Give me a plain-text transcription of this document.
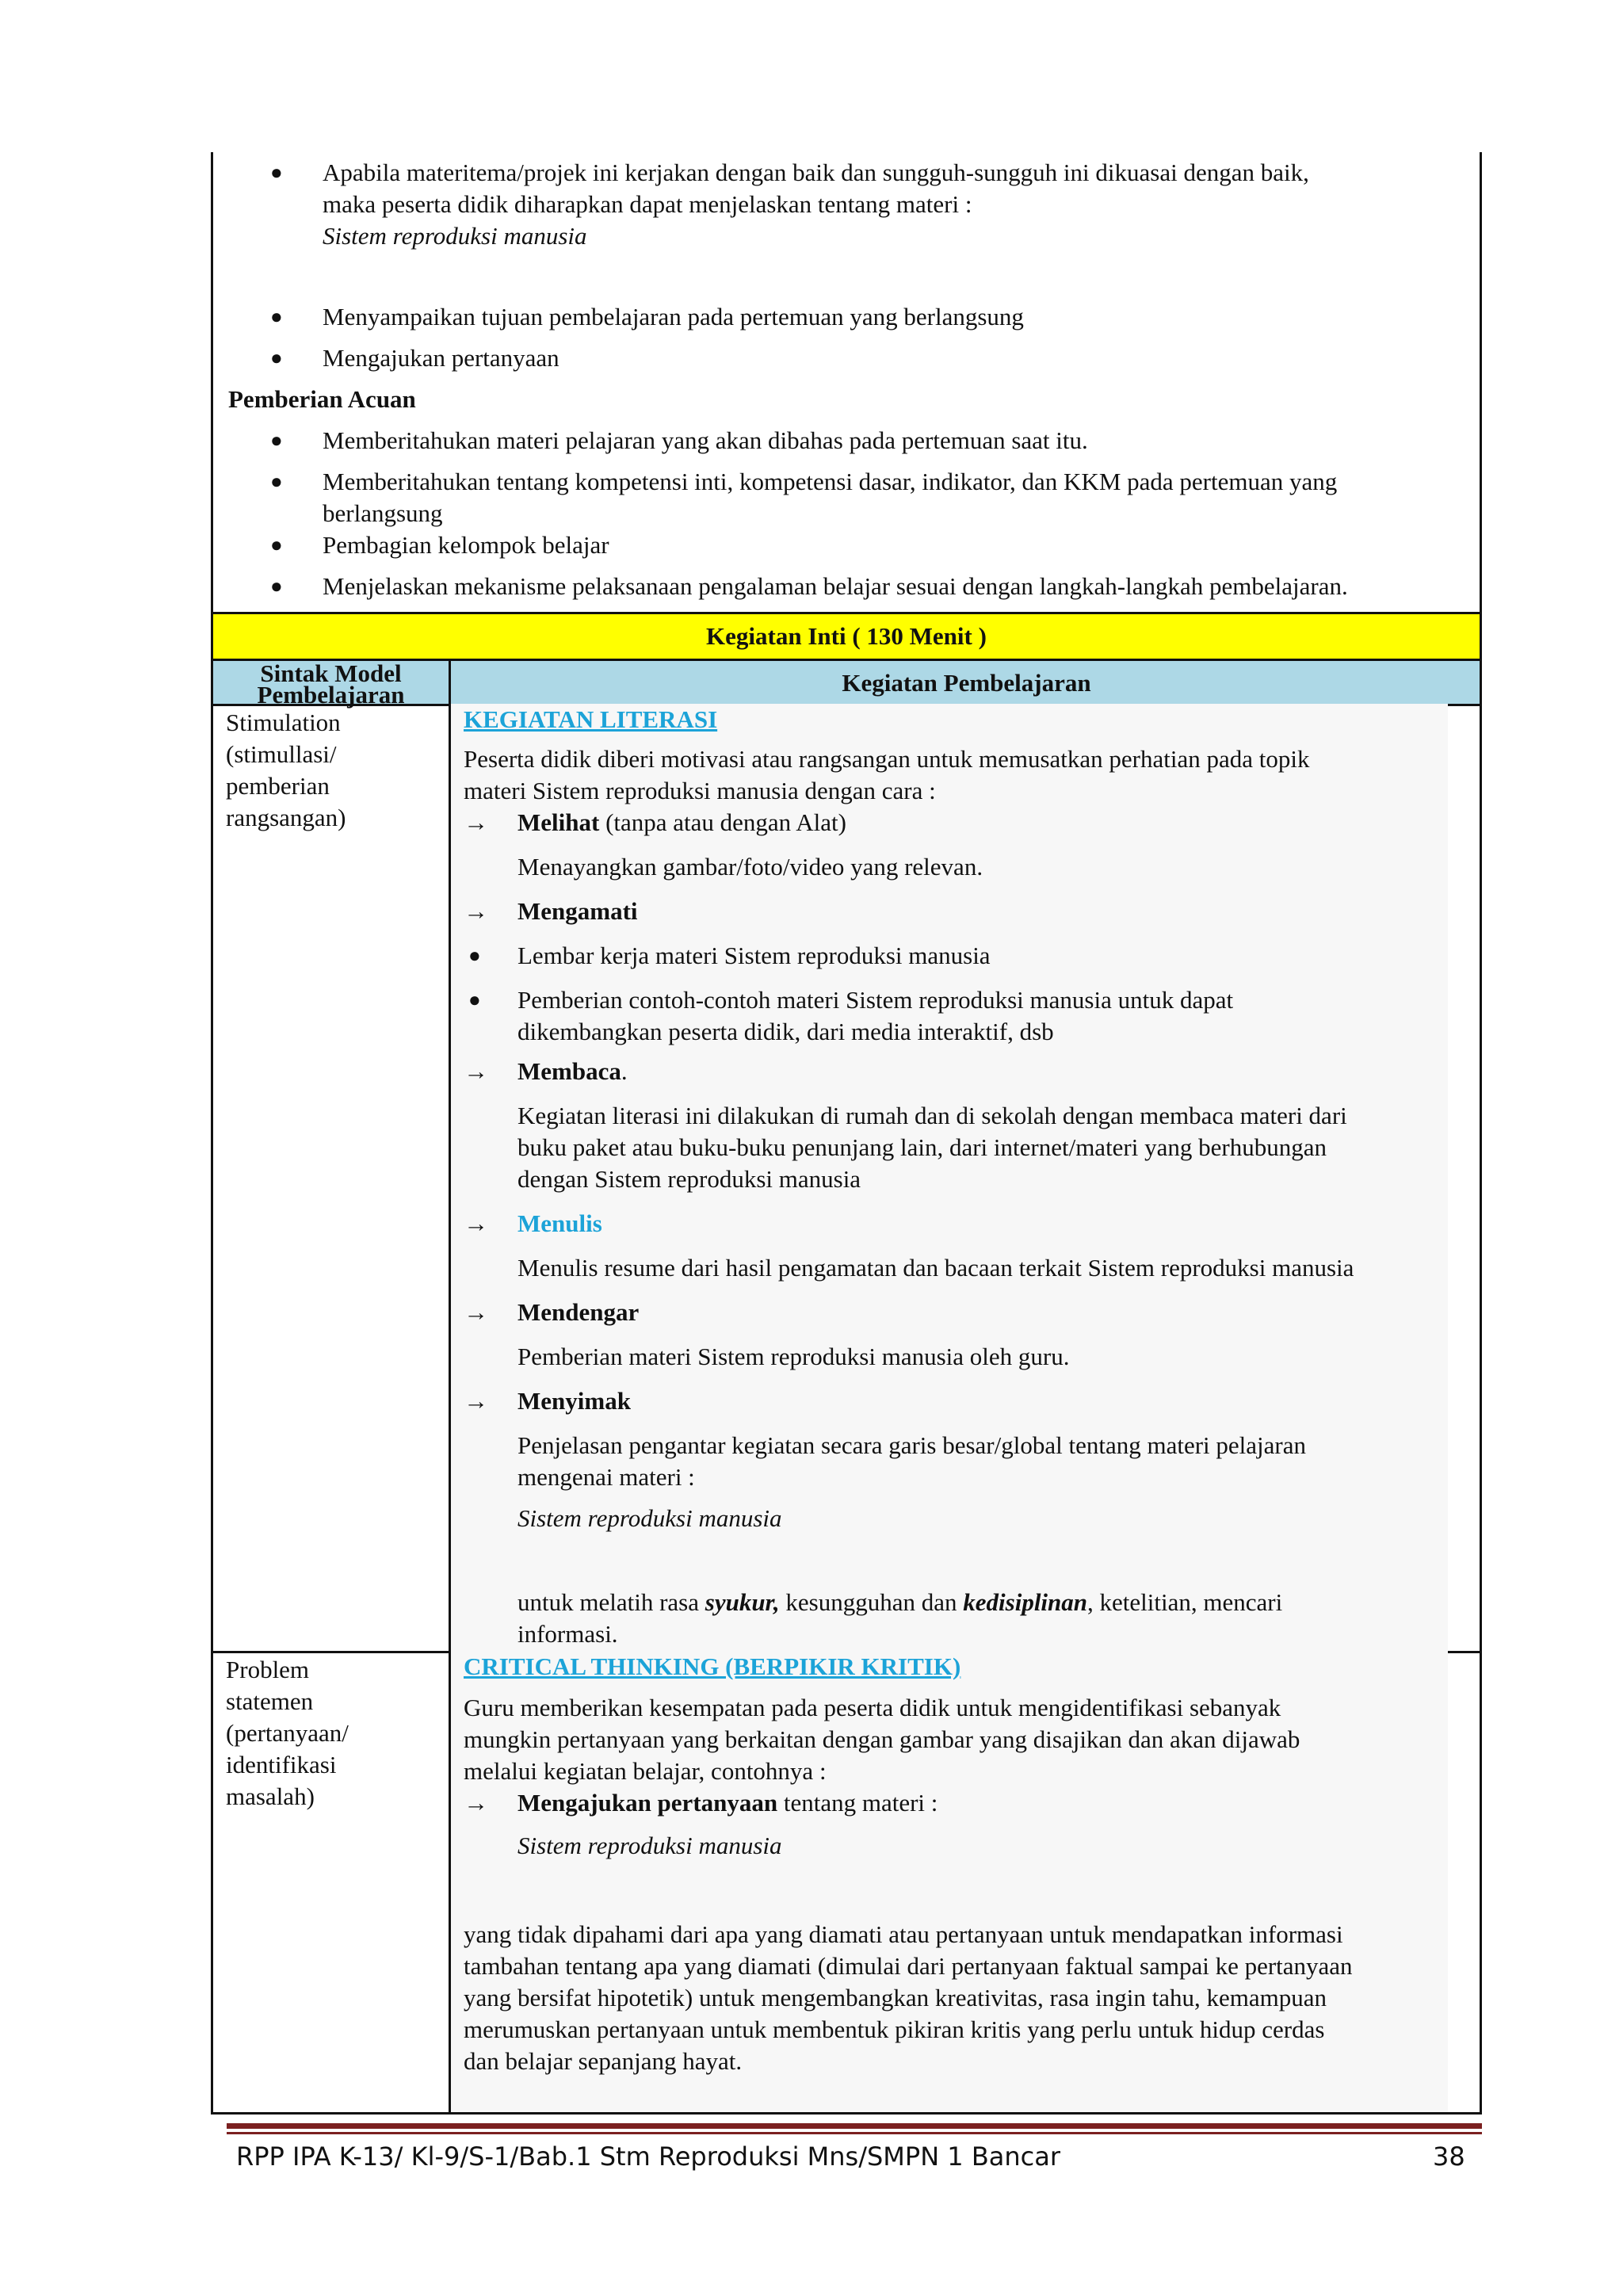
● Apabila materitema/projek ini kerjakan dengan baik dan sungguh-sungguh ini dikuasai dengan baik,
maka peserta didik diharapkan dapat menjelaskan tentang materi :
Sistem reproduksi manusia
● Menyampaikan tujuan pembelajaran pada pertemuan yang berlangsung
● Mengajukan pertanyaan
Pemberian Acuan
● Memberitahukan materi pelajaran yang akan dibahas pada pertemuan saat itu.
● Memberitahukan tentang kompetensi inti, kompetensi dasar, indikator, dan KKM pada pertemuan yang
berlangsung
● Pembagian kelompok belajar
● Menjelaskan mekanisme pelaksanaan pengalaman belajar sesuai dengan langkah-langkah pembelajaran.
Kegiatan Inti ( 130 Menit )
Sintak Model
Pembelajaran	Kegiatan Pembelajaran
Stimulation
(stimullasi/
pemberian
rangsangan)
KEGIATAN LITERASI
Peserta didik diberi motivasi atau rangsangan untuk memusatkan perhatian pada topik
materi Sistem reproduksi manusia dengan cara :
→ Melihat (tanpa atau dengan Alat)
Menayangkan gambar/foto/video yang relevan.
→ Mengamati
● Lembar kerja materi Sistem reproduksi manusia
● Pemberian contoh-contoh materi Sistem reproduksi manusia untuk dapat
dikembangkan peserta didik, dari media interaktif, dsb
→ Membaca.
Kegiatan literasi ini dilakukan di rumah dan di sekolah dengan membaca materi dari
buku paket atau buku-buku penunjang lain, dari internet/materi yang berhubungan
dengan Sistem reproduksi manusia
→ Menulis
Menulis resume dari hasil pengamatan dan bacaan terkait Sistem reproduksi manusia
→ Mendengar
Pemberian materi Sistem reproduksi manusia oleh guru.
→ Menyimak
Penjelasan pengantar kegiatan secara garis besar/global tentang materi pelajaran
mengenai materi :
Sistem reproduksi manusia
untuk melatih rasa syukur, kesungguhan dan kedisiplinan, ketelitian, mencari
informasi.
Problem
statemen
(pertanyaan/
identifikasi
masalah)
CRITICAL THINKING (BERPIKIR KRITIK)
Guru memberikan kesempatan pada peserta didik untuk mengidentifikasi sebanyak
mungkin pertanyaan yang berkaitan dengan gambar yang disajikan dan akan dijawab
melalui kegiatan belajar, contohnya :
→ Mengajukan pertanyaan tentang materi :
Sistem reproduksi manusia
yang tidak dipahami dari apa yang diamati atau pertanyaan untuk mendapatkan informasi
tambahan tentang apa yang diamati (dimulai dari pertanyaan faktual sampai ke pertanyaan
yang bersifat hipotetik) untuk mengembangkan kreativitas, rasa ingin tahu, kemampuan
merumuskan pertanyaan untuk membentuk pikiran kritis yang perlu untuk hidup cerdas
dan belajar sepanjang hayat.
RPP IPA K-13/ Kl-9/S-1/Bab.1 Stm Reproduksi Mns/SMPN 1 Bancar	38
